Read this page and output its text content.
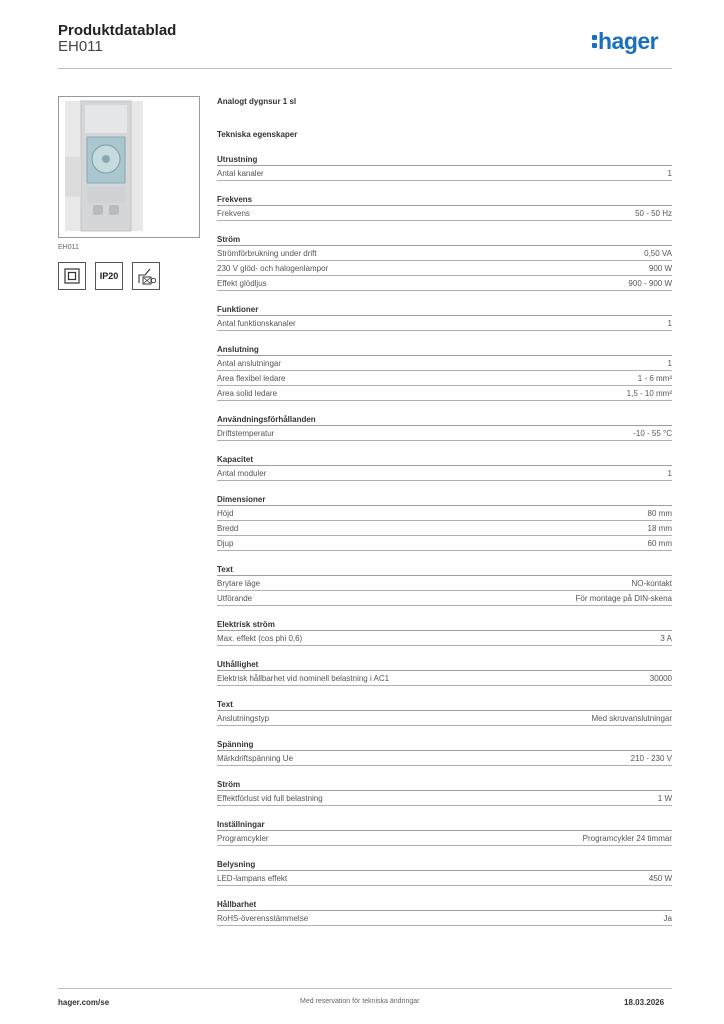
Produktdatablad
EH011	hager
EH011
IP20
Analogt dygnsur 1 sl
Tekniska egenskaper
Utrustning
Antal kanaler	1
Frekvens
Frekvens	50 - 50 Hz
Ström
Strömförbrukning under drift	0,50 VA
230 V glöd- och halogenlampor	900 W
Effekt glödljus	900 - 900 W
Funktioner
Antal funktionskanaler	1
Anslutning
Antal anslutningar	1
Area flexibel ledare	1 - 6 mm²
Area solid ledare	1,5 - 10 mm²
Användningsförhållanden
Driftstemperatur	-10 - 55 °C
Kapacitet
Antal moduler	1
Dimensioner
Höjd	80 mm
Bredd	18 mm
Djup	60 mm
Text
Brytare läge	NO-kontakt
Utförande	För montage på DIN-skena
Elektrisk ström
Max. effekt (cos phi 0,6)	3 A
Uthållighet
Elektrisk hållbarhet vid nominell belastning i AC1	30000
Text
Anslutningstyp	Med skruvanslutningar
Spänning
Märkdriftspänning Ue	210 - 230 V
Ström
Effektförlust vid full belastning	1 W
Inställningar
Programcykler	Programcykler 24 timmar
Belysning
LED-lampans effekt	450 W
Hållbarhet
RoHS-överensstämmelse	Ja
hager.com/se	Med reservation för tekniska ändringar	18.03.2026
